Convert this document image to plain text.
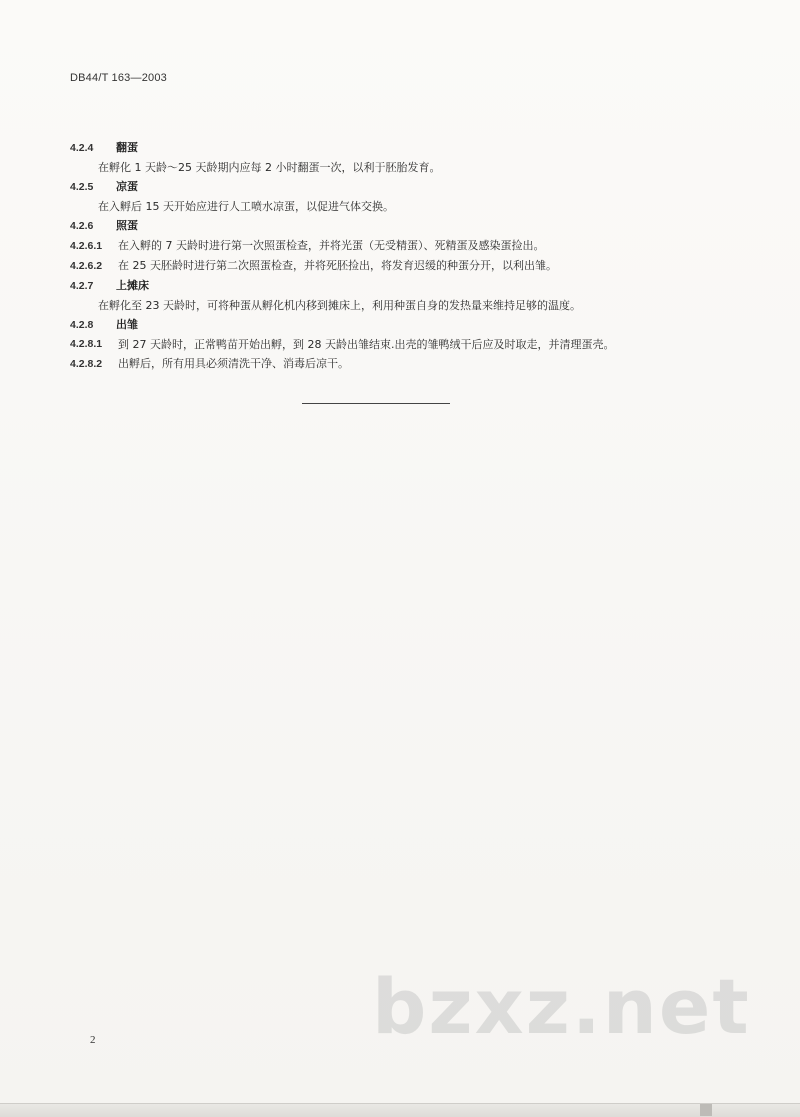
DB44/T 163—2003
4.2.4	翻蛋
在孵化 1 天龄～25 天龄期内应每 2 小时翻蛋一次，以利于胚胎发育。
4.2.5	凉蛋
在入孵后 15 天开始应进行人工喷水凉蛋，以促进气体交换。
4.2.6	照蛋
4.2.6.1	在入孵的 7 天龄时进行第一次照蛋检查，并将光蛋（无受精蛋）、死精蛋及感染蛋捡出。
4.2.6.2	在 25 天胚龄时进行第二次照蛋检查，并将死胚捡出，将发育迟缓的种蛋分开，以利出雏。
4.2.7	上摊床
在孵化至 23 天龄时，可将种蛋从孵化机内移到摊床上，利用种蛋自身的发热量来维持足够的温度。
4.2.8	出雏
4.2.8.1	到 27 天龄时，正常鸭苗开始出孵，到 28 天龄出雏结束.出壳的雏鸭绒干后应及时取走，并清理蛋壳。
4.2.8.2	出孵后，所有用具必须清洗干净、消毒后凉干。
bzxz.net
2
